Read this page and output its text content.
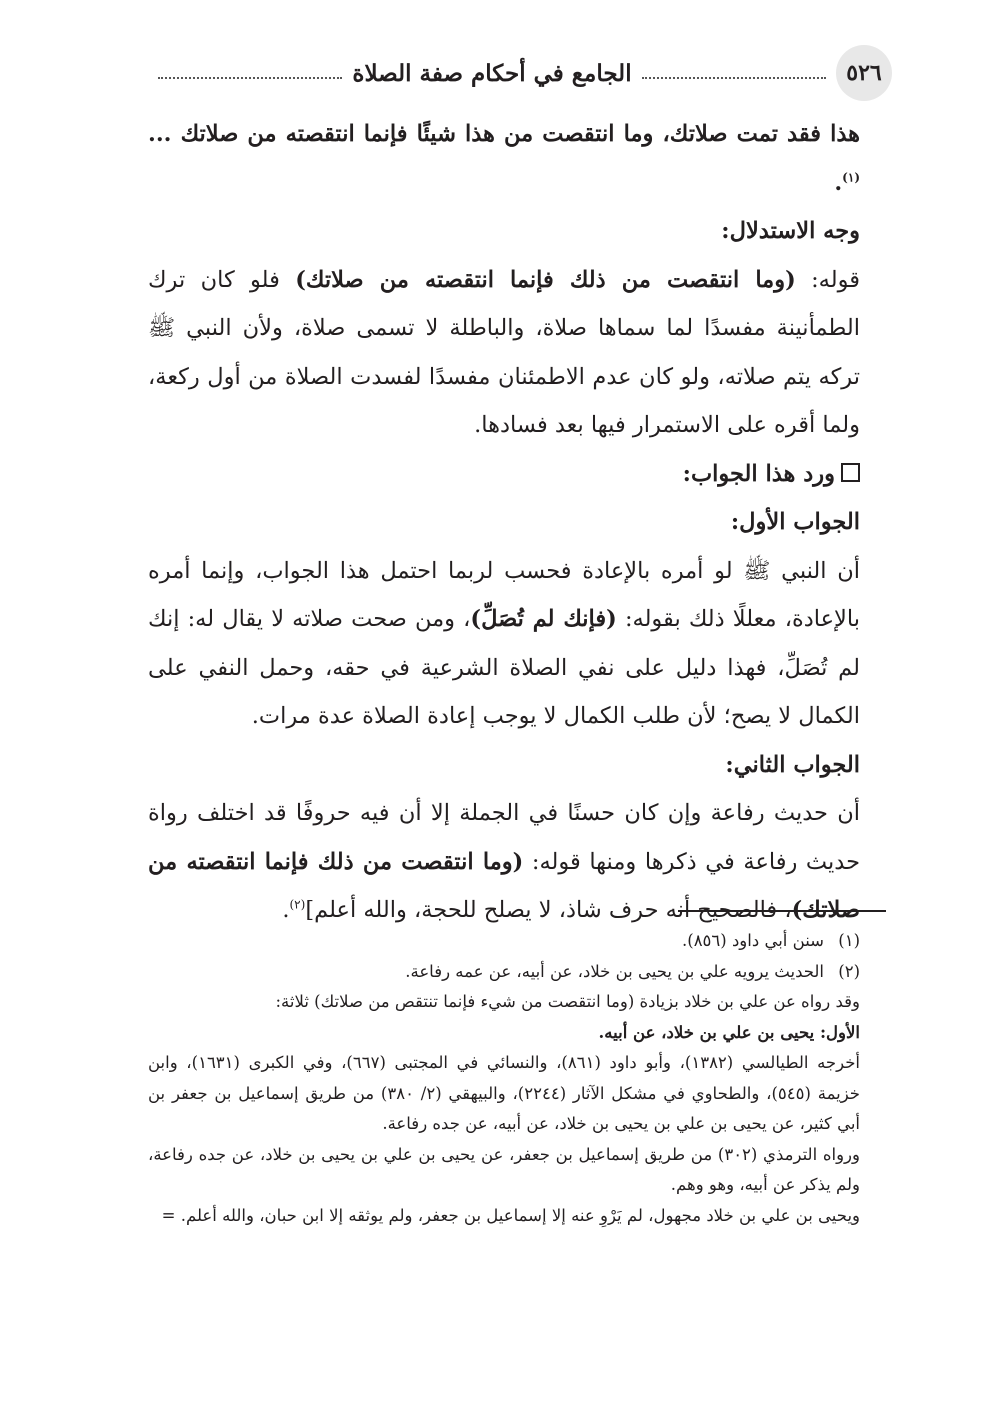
٥٢٦
الجامع في أحكام صفة الصلاة

هذا فقد تمت صلاتك، وما انتقصت من هذا شيئًا فإنما انتقصته من صلاتك ...$^{(١)}$.

وجه الاستدلال:

قوله: (وما انتقصت من ذلك فإنما انتقصته من صلاتك) فلو كان ترك الطمأنينة مفسدًا لما سماها صلاة، والباطلة لا تسمى صلاة، ولأن النبي ﷺ تركه يتم صلاته، ولو كان عدم الاطمئنان مفسدًا لفسدت الصلاة من أول ركعة، ولما أقره على الاستمرار فيها بعد فسادها.

ورد هذا الجواب:

الجواب الأول:

أن النبي ﷺ لو أمره بالإعادة فحسب لربما احتمل هذا الجواب، وإنما أمره بالإعادة، معللًا ذلك بقوله: (فإنك لم تُصَلِّ)، ومن صحت صلاته لا يقال له: إنك لم تُصَلِّ، فهذا دليل على نفي الصلاة الشرعية في حقه، وحمل النفي على الكمال لا يصح؛ لأن طلب الكمال لا يوجب إعادة الصلاة عدة مرات.

الجواب الثاني:

أن حديث رفاعة وإن كان حسنًا في الجملة إلا أن فيه حروفًا قد اختلف رواة حديث رفاعة في ذكرها ومنها قوله: (وما انتقصت من ذلك فإنما انتقصته من صلاتك)، فالصحيح أنه حرف شاذ، لا يصلح للحجة، والله أعلم]$^{(٢)}$.

(١)سنن أبي داود (٨٥٦).

(٢)الحديث يرويه علي بن يحيى بن خلاد، عن أبيه، عن عمه رفاعة.

وقد رواه عن علي بن خلاد بزيادة (وما انتقصت من شيء فإنما تنتقص من صلاتك) ثلاثة:

الأول: يحيى بن علي بن خلاد، عن أبيه.

أخرجه الطيالسي (١٣٨٢)، وأبو داود (٨٦١)، والنسائي في المجتبى (٦٦٧)، وفي الكبرى (١٦٣١)، وابن خزيمة (٥٤٥)، والطحاوي في مشكل الآثار (٢٢٤٤)، والبيهقي (٢/ ٣٨٠) من طريق إسماعيل بن جعفر بن أبي كثير، عن يحيى بن علي بن يحيى بن خلاد، عن أبيه، عن جده رفاعة.

ورواه الترمذي (٣٠٢) من طريق إسماعيل بن جعفر، عن يحيى بن علي بن يحيى بن خلاد، عن جده رفاعة، ولم يذكر عن أبيه، وهو وهم.

ويحيى بن علي بن خلاد مجهول، لم يَرْوِ عنه إلا إسماعيل بن جعفر، ولم يوثقه إلا ابن حبان، والله أعلم. =
